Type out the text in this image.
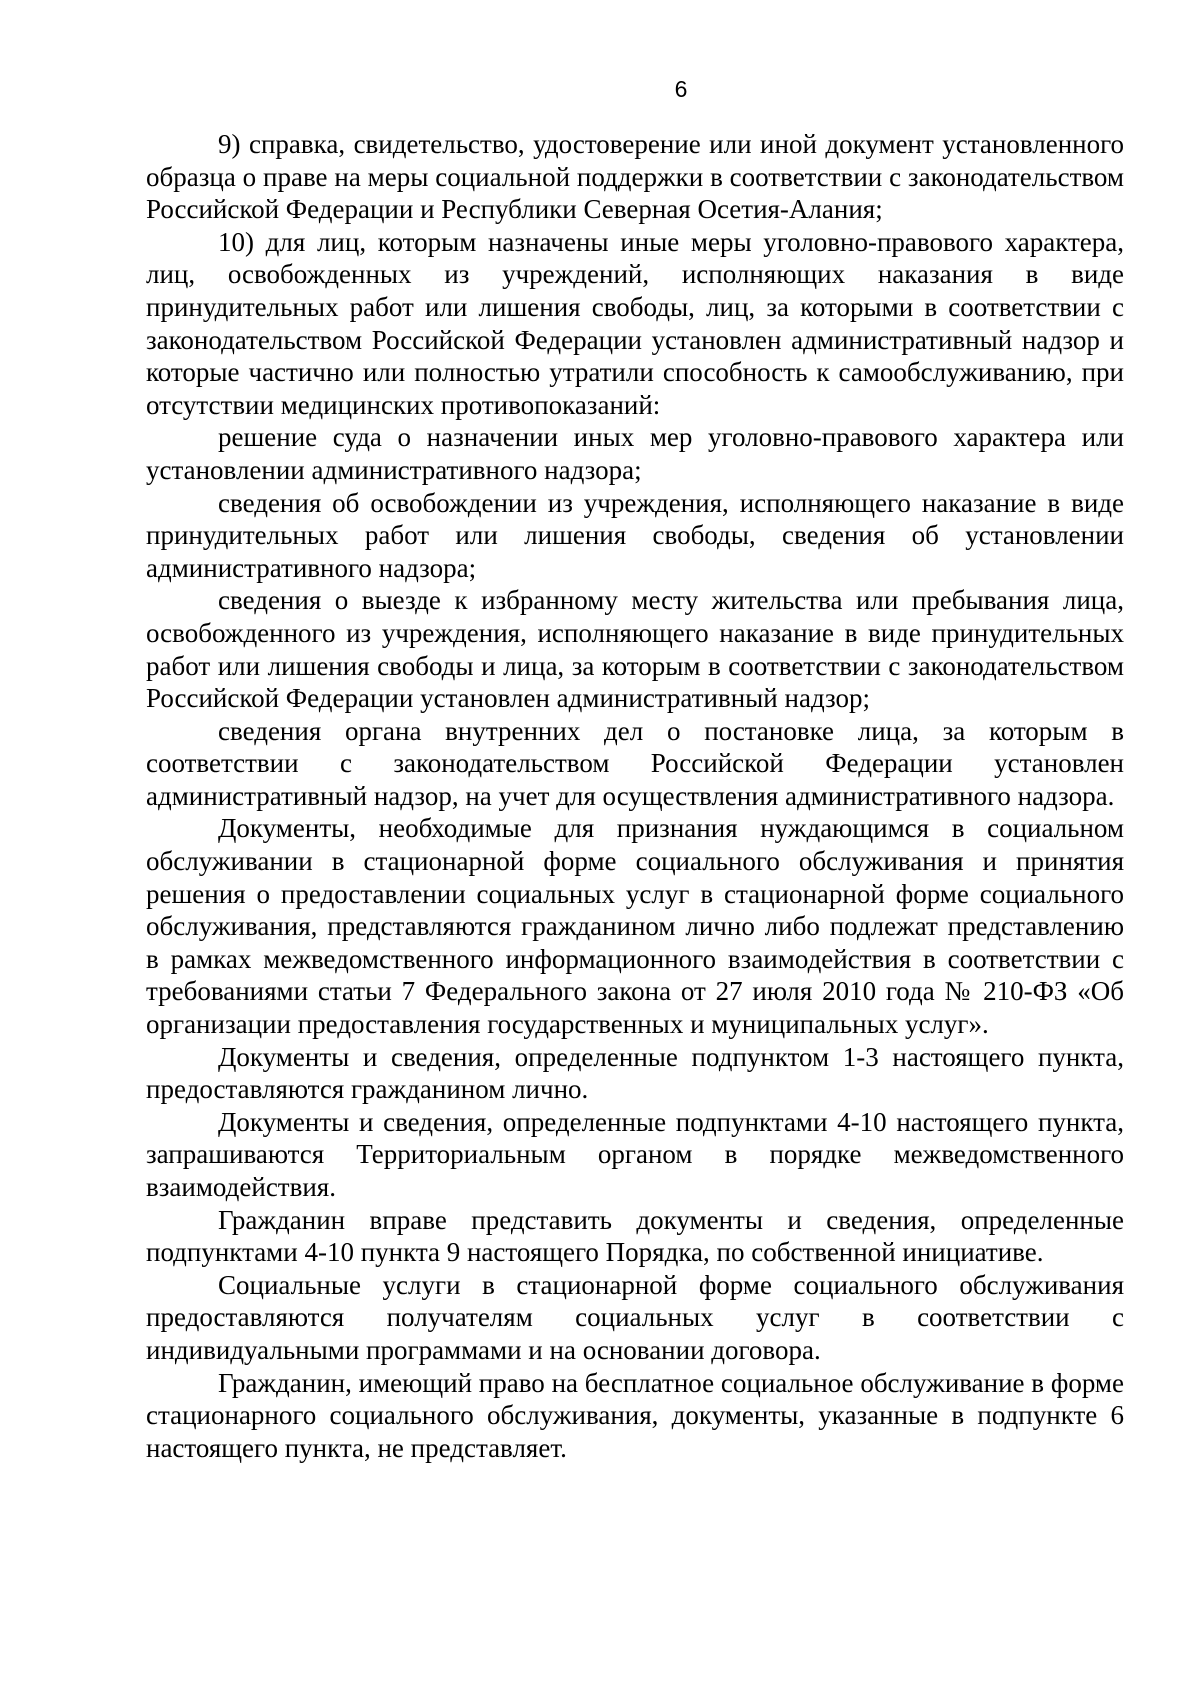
6

9) справка, свидетельство, удостоверение или иной документ установленного образца о праве на меры социальной поддержки в соответствии с законодательством Российской Федерации и Республики Северная Осетия-Алания;

10) для лиц, которым назначены иные меры уголовно-правового характера, лиц, освобожденных из учреждений, исполняющих наказания в виде принудительных работ или лишения свободы, лиц, за которыми в соответствии с законодательством Российской Федерации установлен административный надзор и которые частично или полностью утратили способность к самообслуживанию, при отсутствии медицинских противопоказаний:

решение суда о назначении иных мер уголовно-правового характера или установлении административного надзора;

сведения об освобождении из учреждения, исполняющего наказание в виде принудительных работ или лишения свободы, сведения об установлении административного надзора;

сведения о выезде к избранному месту жительства или пребывания лица, освобожденного из учреждения, исполняющего наказание в виде принудительных работ или лишения свободы и лица, за которым в соответствии с законодательством Российской Федерации установлен административный надзор;

сведения органа внутренних дел о постановке лица, за которым в соответствии с законодательством Российской Федерации установлен административный надзор, на учет для осуществления административного надзора.

Документы, необходимые для признания нуждающимся в социальном обслуживании в стационарной форме социального обслуживания и принятия решения о предоставлении социальных услуг в стационарной форме социального обслуживания, представляются гражданином лично либо подлежат представлению в рамках межведомственного информационного взаимодействия в соответствии с требованиями статьи 7 Федерального закона от 27 июля 2010 года № 210-ФЗ «Об организации предоставления государственных и муниципальных услуг».

Документы и сведения, определенные подпунктом 1-3 настоящего пункта, предоставляются гражданином лично.

Документы и сведения, определенные подпунктами 4-10 настоящего пункта, запрашиваются Территориальным органом в порядке межведомственного взаимодействия.

Гражданин вправе представить документы и сведения, определенные подпунктами 4-10 пункта 9 настоящего Порядка, по собственной инициативе.

Социальные услуги в стационарной форме социального обслуживания предоставляются получателям социальных услуг в соответствии с индивидуальными программами и на основании договора.

Гражданин, имеющий право на бесплатное социальное обслуживание в форме стационарного социального обслуживания, документы, указанные в подпункте 6 настоящего пункта, не представляет.
